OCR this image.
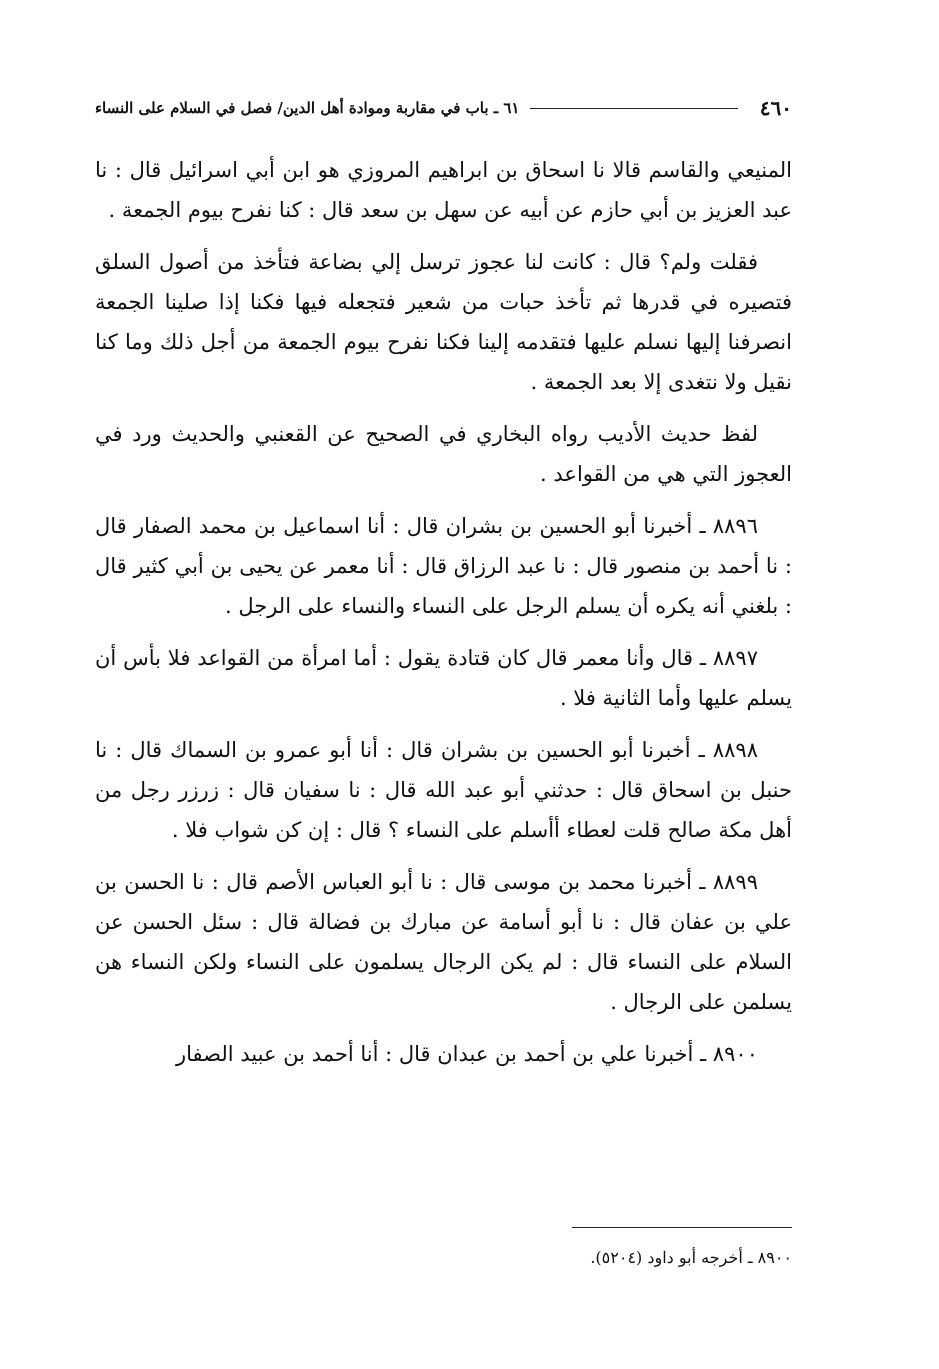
٤٦٠
٦١ ـ باب في مقاربة وموادة أهل الدين/ فصل في السلام على النساء

المنيعي والقاسم قالا نا اسحاق بن ابراهيم المروزي هو ابن أبي اسرائيل قال : نا عبد العزيز بن أبي حازم عن أبيه عن سهل بن سعد قال : كنا نفرح بيوم الجمعة .

فقلت ولم؟ قال : كانت لنا عجوز ترسل إلي بضاعة فتأخذ من أصول السلق فتصيره في قدرها ثم تأخذ حبات من شعير فتجعله فيها فكنا إذا صلينا الجمعة انصرفنا إليها نسلم عليها فتقدمه إلينا فكنا نفرح بيوم الجمعة من أجل ذلك وما كنا نقيل ولا نتغدى إلا بعد الجمعة .

لفظ حديث الأديب رواه البخاري في الصحيح عن القعنبي والحديث ورد في العجوز التي هي من القواعد .

٨٨٩٦ ـ أخبرنا أبو الحسين بن بشران قال : أنا اسماعيل بن محمد الصفار قال : نا أحمد بن منصور قال : نا عبد الرزاق قال : أنا معمر عن يحيى بن أبي كثير قال : بلغني أنه يكره أن يسلم الرجل على النساء والنساء على الرجل .

٨٨٩٧ ـ قال وأنا معمر قال كان قتادة يقول : أما امرأة من القواعد فلا بأس أن يسلم عليها وأما الثانية فلا .

٨٨٩٨ ـ أخبرنا أبو الحسين بن بشران قال : أنا أبو عمرو بن السماك قال : نا حنبل بن اسحاق قال : حدثني أبو عبد الله قال : نا سفيان قال : زرزر رجل من أهل مكة صالح قلت لعطاء أأسلم على النساء ؟ قال : إن كن شواب فلا .

٨٨٩٩ ـ أخبرنا محمد بن موسى قال : نا أبو العباس الأصم قال : نا الحسن بن علي بن عفان قال : نا أبو أسامة عن مبارك بن فضالة قال : سئل الحسن عن السلام على النساء قال : لم يكن الرجال يسلمون على النساء ولكن النساء هن يسلمن على الرجال .

٨٩٠٠ ـ أخبرنا علي بن أحمد بن عبدان قال : أنا أحمد بن عبيد الصفار

٨٩٠٠ ـ أخرجه أبو داود (٥٢٠٤).
